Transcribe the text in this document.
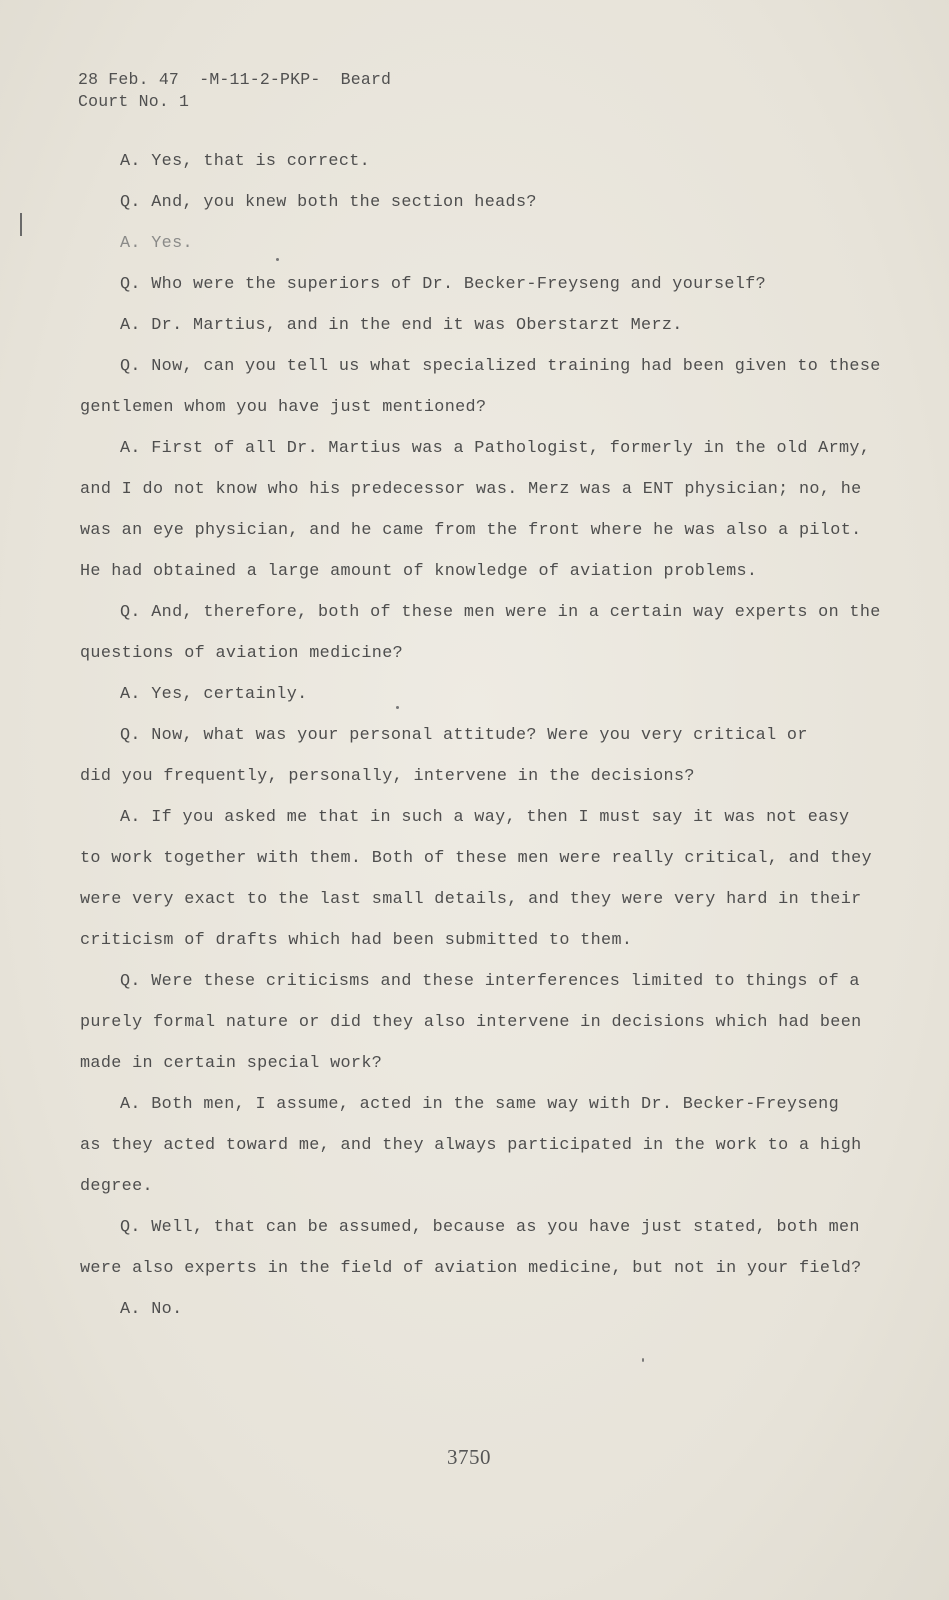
28 Feb. 47  -M-11-2-PKP-  Beard
Court No. 1
A. Yes, that is correct.
Q. And, you knew both the section heads?
A. Yes.
Q. Who were the superiors of Dr. Becker-Freyseng and yourself?
A. Dr. Martius, and in the end it was Oberstarzt Merz.
Q. Now, can you tell us what specialized training had been given to these
gentlemen whom you have just mentioned?
A. First of all Dr. Martius was a Pathologist, formerly in the old Army,
and I do not know who his predecessor was. Merz was a ENT physician; no, he
was an eye physician, and he came from the front where he was also a pilot.
He had obtained a large amount of knowledge of aviation problems.
Q. And, therefore, both of these men were in a certain way experts on the
questions of aviation medicine?
A. Yes, certainly.
Q. Now, what was your personal attitude? Were you very critical or
did you frequently, personally, intervene in the decisions?
A. If you asked me that in such a way, then I must say it was not easy
to work together with them. Both of these men were really critical, and they
were very exact to the last small details, and they were very hard in their
criticism of drafts which had been submitted to them.
Q. Were these criticisms and these interferences limited to things of a
purely formal nature or did they also intervene in decisions which had been
made in certain special work?
A. Both men, I assume, acted in the same way with Dr. Becker-Freyseng
as they acted toward me, and they always participated in the work to a high
degree.
Q. Well, that can be assumed, because as you have just stated, both men
were also experts in the field of aviation medicine, but not in your field?
A. No.
3750
